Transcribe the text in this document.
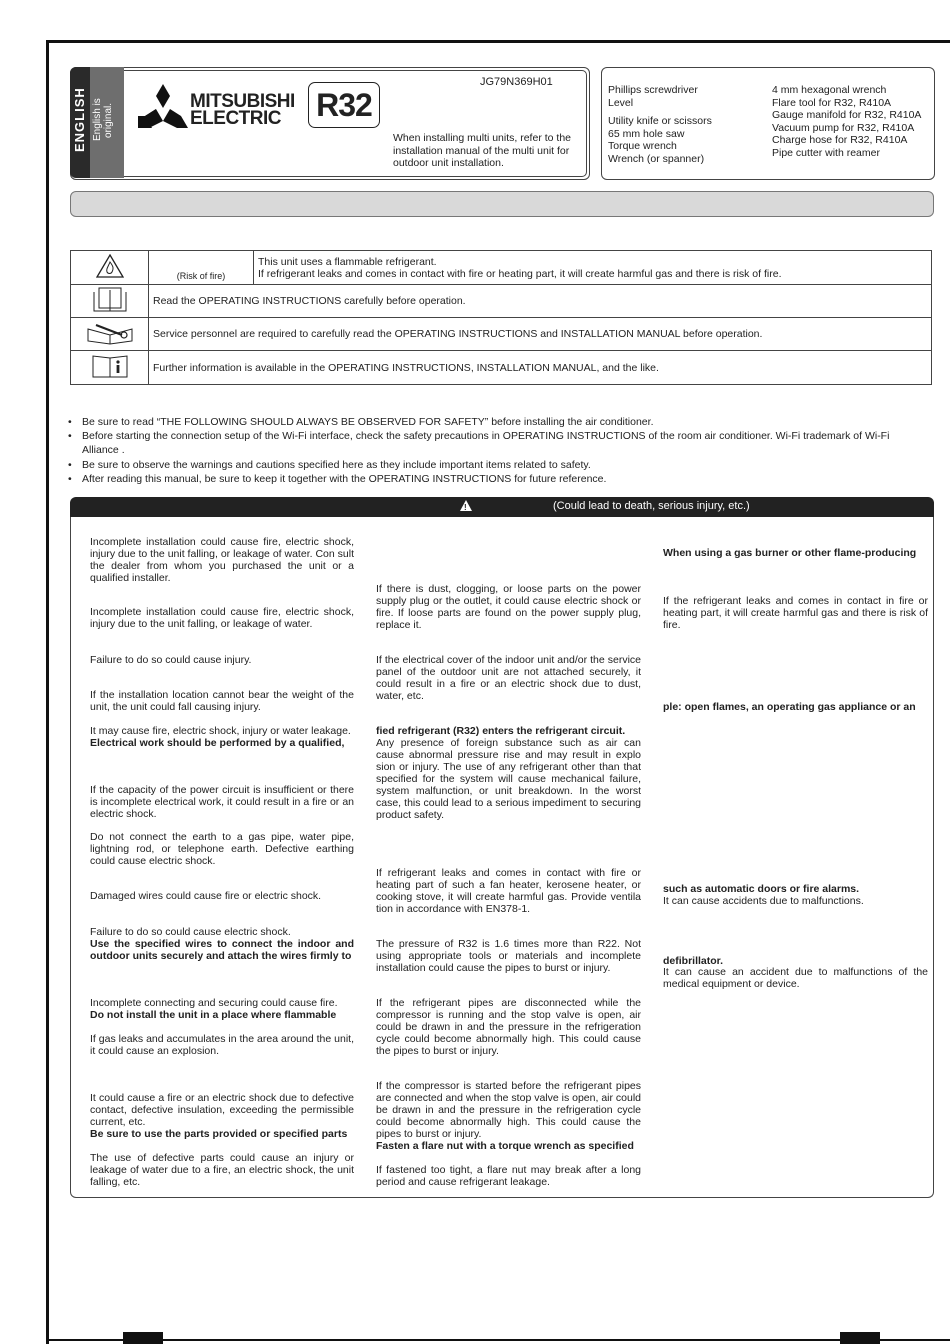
ENGLISH English is original.
MITSUBISHI
ELECTRIC	R32
JG79N369H01
When installing multi units, refer to the installation manual of the multi unit for outdoor unit installation.
Phillips screwdriver
Level
Utility knife or scissors
65 mm hole saw
Torque wrench
Wrench (or spanner)
4 mm hexagonal wrench
Flare tool for R32, R410A
Gauge manifold for R32, R410A
Vacuum pump for R32, R410A
Charge hose for R32, R410A
Pipe cutter with reamer
	(Risk of fire)	This unit uses a flammable refrigerant.
If refrigerant leaks and comes in contact with fire or heating part, it will create harmful gas and there is risk of fire.

	Read the OPERATING INSTRUCTIONS carefully before operation.	
	Service personnel are required to carefully read the OPERATING INSTRUCTIONS and INSTALLATION MANUAL before operation.	
	Further information is available in the OPERATING INSTRUCTIONS, INSTALLATION MANUAL, and the like.	
• Be sure to read “THE FOLLOWING SHOULD ALWAYS BE OBSERVED FOR SAFETY” before installing the air conditioner.
• Before starting the connection setup of the Wi-Fi interface, check the safety precautions in OPERATING INSTRUCTIONS of the room air conditioner. Wi-Fi trademark of Wi-Fi Alliance .
• Be sure to observe the warnings and cautions specified here as they include important items related to safety.
• After reading this manual, be sure to keep it together with the OPERATING INSTRUCTIONS for future reference.
!	(Could lead to death, serious injury, etc.)
Incomplete installation could cause fire, electric shock, injury due to the unit falling, or leakage of water. Con sult the dealer from whom you purchased the unit or a qualified installer.
Incomplete installation could cause fire, electric shock, injury due to the unit falling, or leakage of water.
Failure to do so could cause injury.
If the installation location cannot bear the weight of the unit, the unit could fall causing injury.
It may cause fire, electric shock, injury or water leakage.
Electrical work should be performed by a qualified,
If the capacity of the power circuit is insufficient or there is incomplete electrical work, it could result in a fire or an electric shock.
Do not connect the earth to a gas pipe, water pipe, lightning rod, or telephone earth. Defective earthing could cause electric shock.
Damaged wires could cause fire or electric shock.
Failure to do so could cause electric shock.
Use the specified wires to connect the indoor and outdoor units securely and attach the wires firmly to
Incomplete connecting and securing could cause fire.
Do not install the unit in a place where flammable
If gas leaks and accumulates in the area around the unit, it could cause an explosion.
It could cause a fire or an electric shock due to defective contact, defective insulation, exceeding the permissible current, etc.
Be sure to use the parts provided or specified parts
The use of defective parts could cause an injury or leakage of water due to a fire, an electric shock, the unit falling, etc.
If there is dust, clogging, or loose parts on the power supply plug or the outlet, it could cause electric shock or fire. If loose parts are found on the power supply plug, replace it.
If the electrical cover of the indoor unit and/or the service panel of the outdoor unit are not attached securely, it could result in a fire or an electric shock due to dust, water, etc.
fied refrigerant (R32) enters the refrigerant circuit.
Any presence of foreign substance such as air can cause abnormal pressure rise and may result in explo sion or injury. The use of any refrigerant other than that specified for the system will cause mechanical failure, system malfunction, or unit breakdown. In the worst case, this could lead to a serious impediment to securing product safety.
If refrigerant leaks and comes in contact with fire or heating part of such a fan heater, kerosene heater, or cooking stove, it will create harmful gas. Provide ventila tion in accordance with EN378-1.
The pressure of R32 is 1.6 times more than R22. Not using appropriate tools or materials and incomplete installation could cause the pipes to burst or injury.
If the refrigerant pipes are disconnected while the compressor is running and the stop valve is open, air could be drawn in and the pressure in the refrigeration cycle could become abnormally high. This could cause the pipes to burst or injury.
If the compressor is started before the refrigerant pipes are connected and when the stop valve is open, air could be drawn in and the pressure in the refrigeration cycle could become abnormally high. This could cause the pipes to burst or injury.
Fasten a flare nut with a torque wrench as specified
If fastened too tight, a flare nut may break after a long period and cause refrigerant leakage.
When using a gas burner or other flame-producing
If the refrigerant leaks and comes in contact in fire or heating part, it will create harmful gas and there is risk of fire.
ple: open flames, an operating gas appliance or an
such as automatic doors or fire alarms.
It can cause accidents due to malfunctions.
defibrillator.
It can cause an accident due to malfunctions of the medical equipment or device.
